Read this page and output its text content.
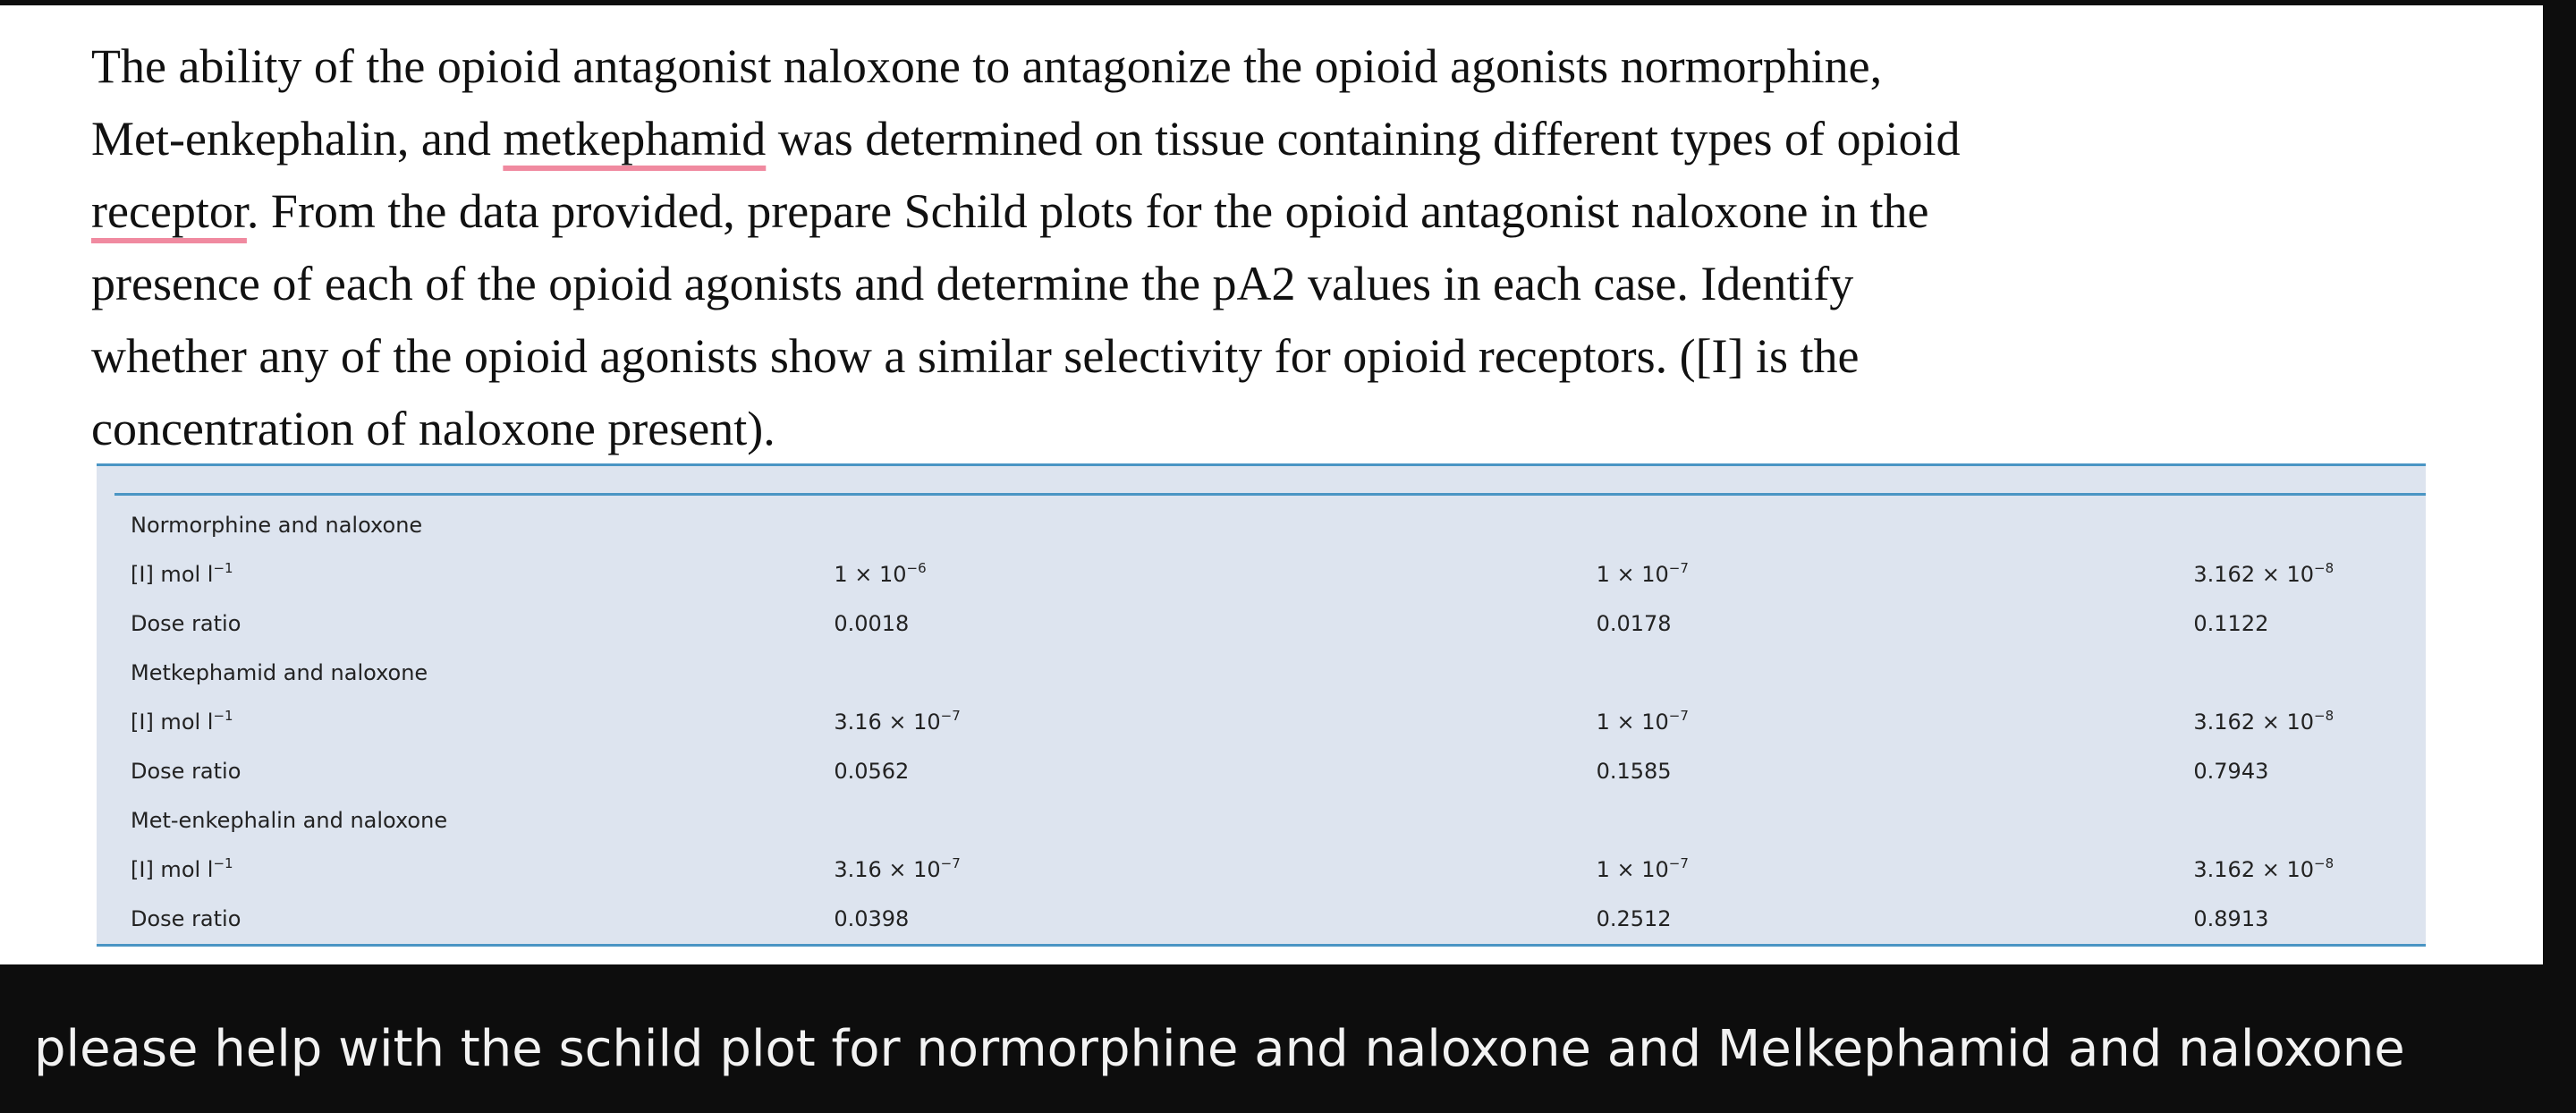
The ability of the opioid antagonist naloxone to antagonize the opioid agonists normorphine,
Met-enkephalin, and metkephamid was determined on tissue containing different types of opioid
receptor. From the data provided, prepare Schild plots for the opioid antagonist naloxone in the
presence of each of the opioid agonists and determine the pA2 values in each case. Identify
whether any of the opioid agonists show a similar selectivity for opioid receptors. ([I] is the
concentration of naloxone present).
Normorphine and naloxone			
[I] mol $l^{-1}$	$1 \times 10^{-6}$	$1 \times 10^{-7}$	$3.162 \times 10^{-8}$
Dose ratio	0.0018	0.0178	0.1122
Metkephamid and naloxone			
[I] mol $l^{-1}$	$3.16 \times 10^{-7}$	$1 \times 10^{-7}$	$3.162 \times 10^{-8}$
Dose ratio	0.0562	0.1585	0.7943
Met-enkephalin and naloxone			
[I] mol $l^{-1}$	$3.16 \times 10^{-7}$	$1 \times 10^{-7}$	$3.162 \times 10^{-8}$
Dose ratio	0.0398	0.2512	0.8913
please help with the schild plot for normorphine and naloxone and Melkephamid and naloxone
